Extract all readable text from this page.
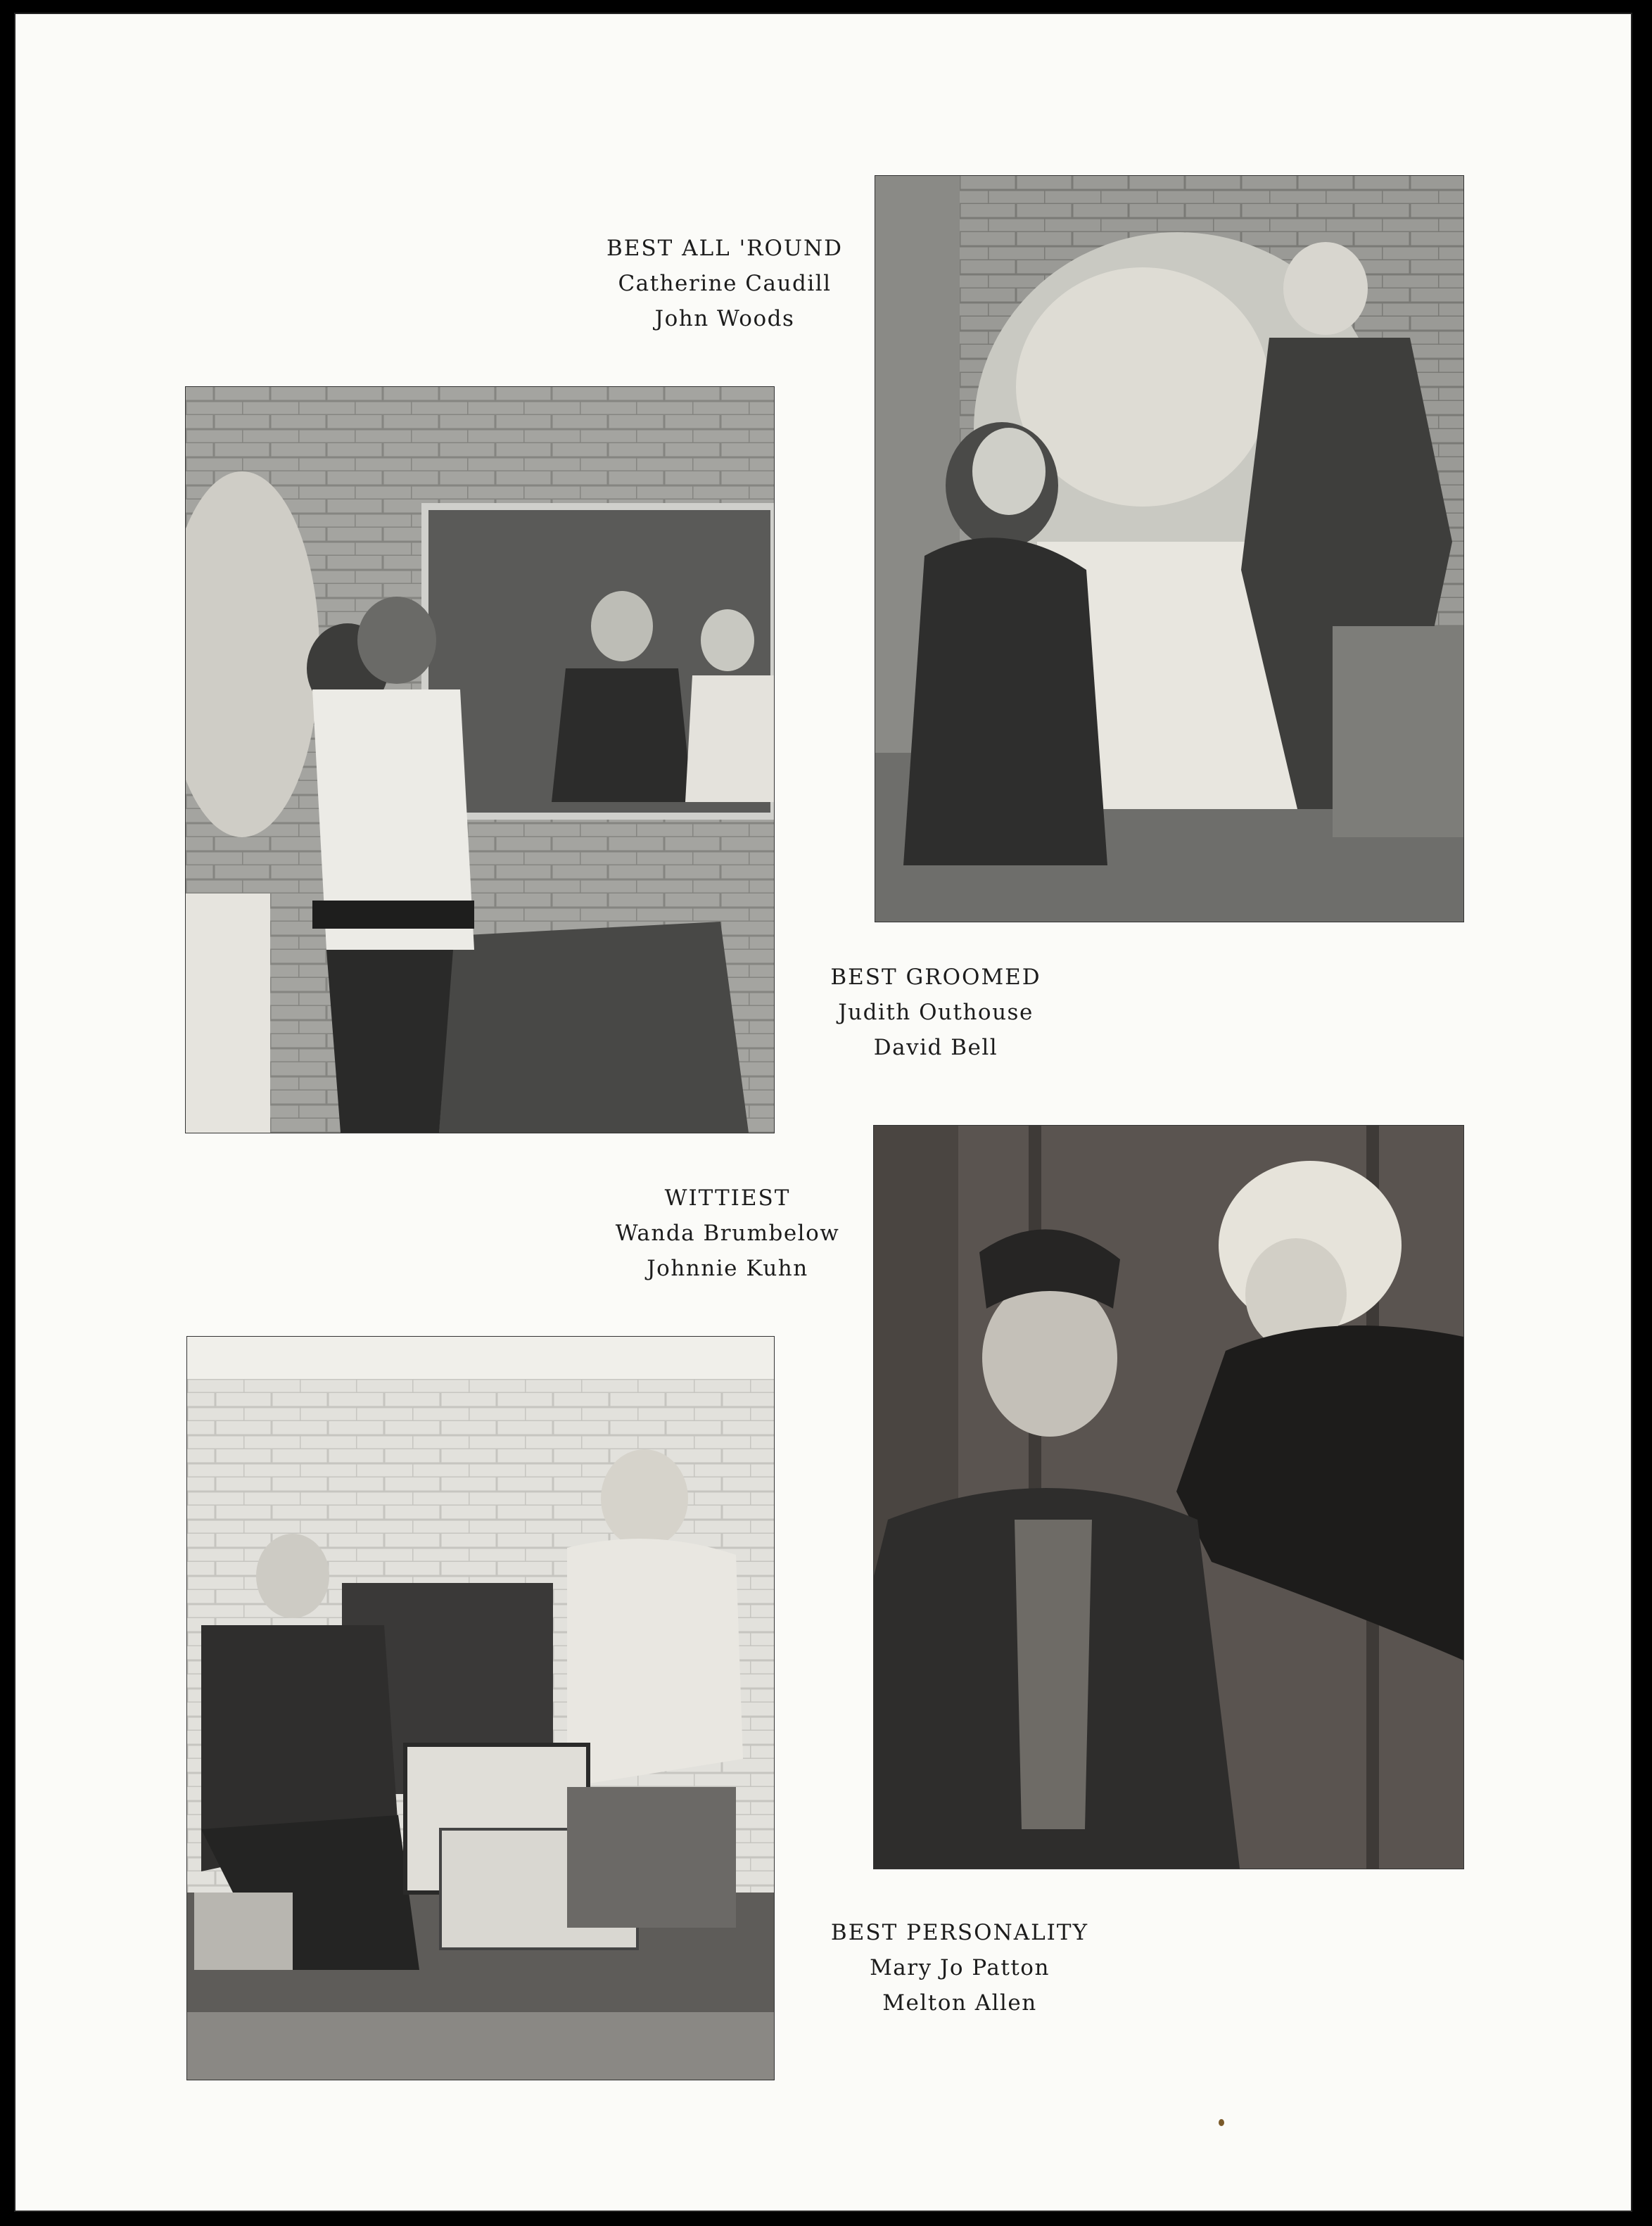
BEST ALL 'ROUND
Catherine Caudill
John Woods
BEST GROOMED
Judith Outhouse
David Bell
WITTIEST
Wanda Brumbelow
Johnnie Kuhn
BEST PERSONALITY
Mary Jo Patton
Melton Allen
